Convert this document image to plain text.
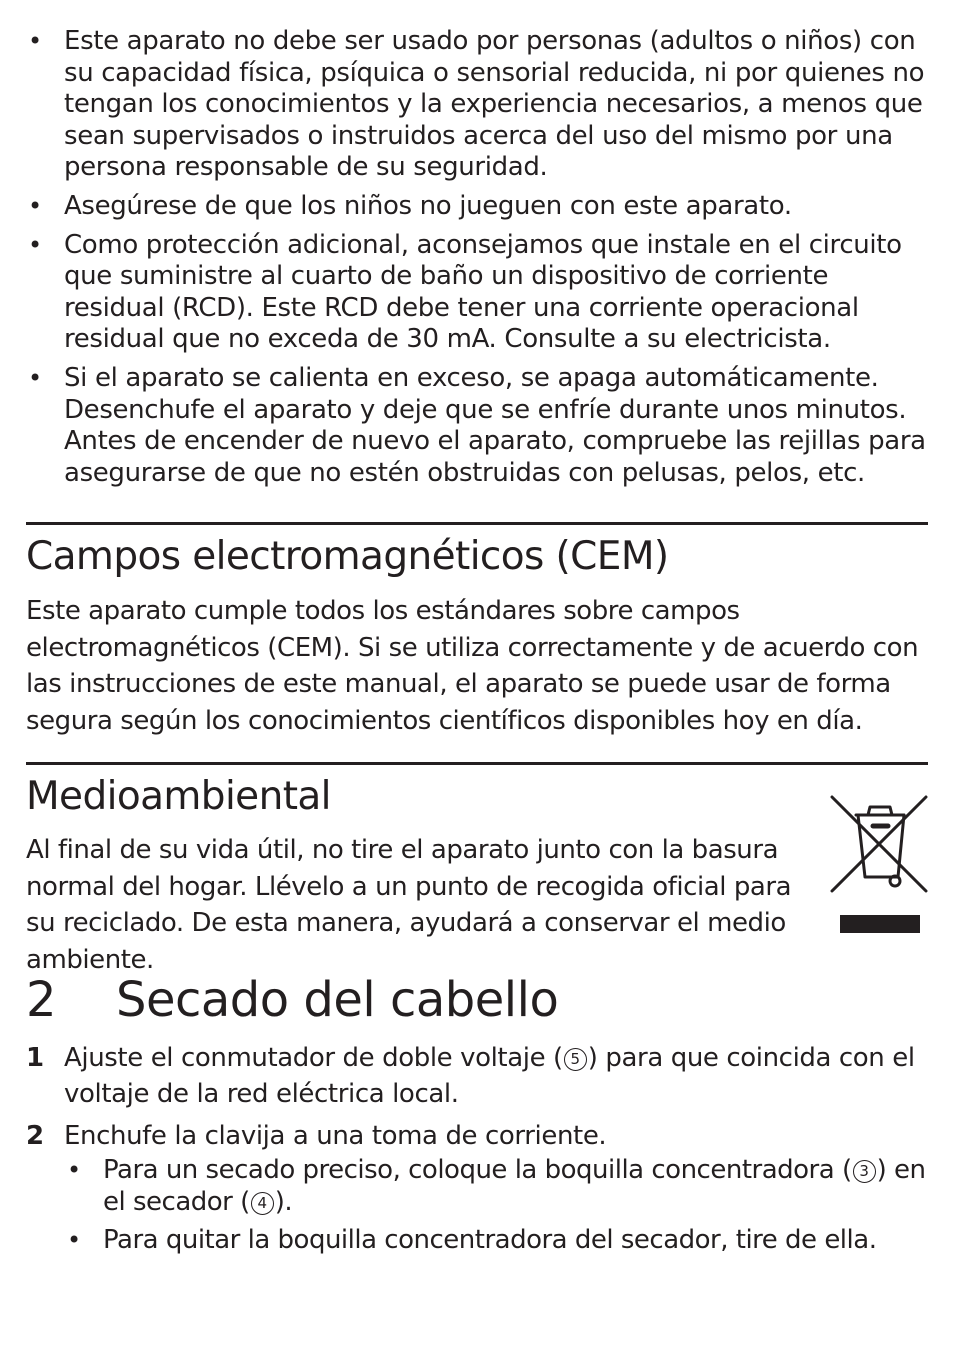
• Este aparato no debe ser usado por personas (adultos o niños) con su capacidad física, psíquica o sensorial reducida, ni por quienes no tengan los conocimientos y la experiencia necesarios, a menos que sean supervisados o instruidos acerca del uso del mismo por una persona responsable de su seguridad.
• Asegúrese de que los niños no jueguen con este aparato.
• Como protección adicional, aconsejamos que instale en el circuito que suministre al cuarto de baño un dispositivo de corriente residual (RCD). Este RCD debe tener una corriente operacional residual que no exceda de 30 mA. Consulte a su electricista.
• Si el aparato se calienta en exceso, se apaga automáticamente. Desenchufe el aparato y deje que se enfríe durante unos minutos. Antes de encender de nuevo el aparato, compruebe las rejillas para asegurarse de que no estén obstruidas con pelusas, pelos, etc.
Campos electromagnéticos (CEM)

Este aparato cumple todos los estándares sobre campos electromagnéticos (CEM). Si se utiliza correctamente y de acuerdo con las instrucciones de este manual, el aparato se puede usar de forma segura según los conocimientos científicos disponibles hoy en día.

Medioambiental

Al final de su vida útil, no tire el aparato junto con la basura normal del hogar. Llévelo a un punto de recogida oficial para su reciclado. De esta manera, ayudará a conservar el medio ambiente.

2 Secado del cabello
1 Ajuste el conmutador de doble voltaje ( 5 ) para que coincida con el voltaje de la red eléctrica local.
2 Enchufe la clavija a una toma de corriente.
• Para un secado preciso, coloque la boquilla concentradora ( 3 ) en el secador ( 4 ).
• Para quitar la boquilla concentradora del secador, tire de ella.
